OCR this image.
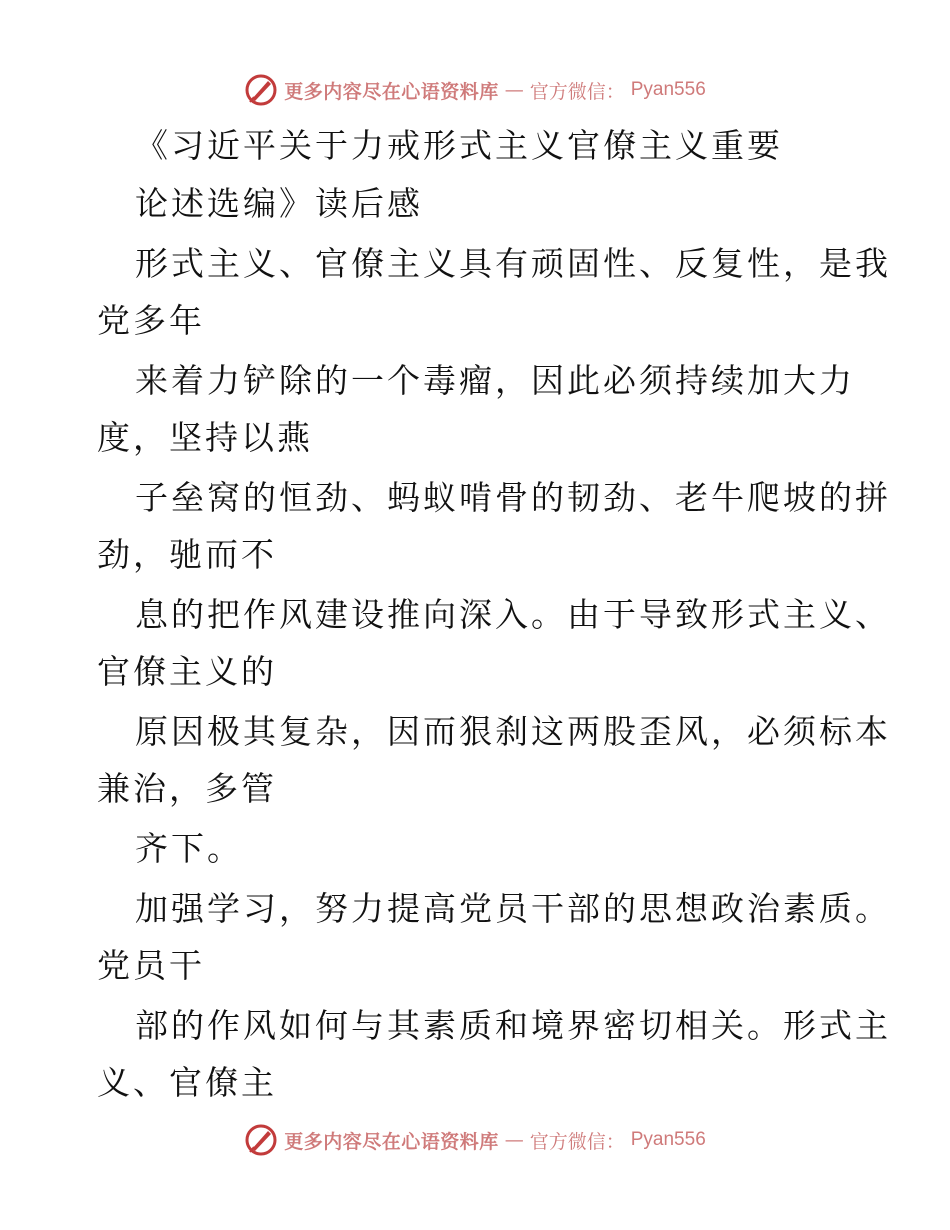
更多内容尽在心语资料库 — 官方微信： Pyan556
《习近平关于力戒形式主义官僚主义重要
论述选编》读后感
形式主义、官僚主义具有顽固性、反复性，是我
党多年
来着力铲除的一个毒瘤，因此必须持续加大力
度，坚持以燕
子垒窝的恒劲、蚂蚁啃骨的韧劲、老牛爬坡的拼
劲，驰而不
息的把作风建设推向深入。由于导致形式主义、
官僚主义的
原因极其复杂，因而狠刹这两股歪风，必须标本
兼治，多管
齐下。
加强学习，努力提高党员干部的思想政治素质。
党员干
部的作风如何与其素质和境界密切相关。形式主
义、官僚主
更多内容尽在心语资料库 — 官方微信： Pyan556
